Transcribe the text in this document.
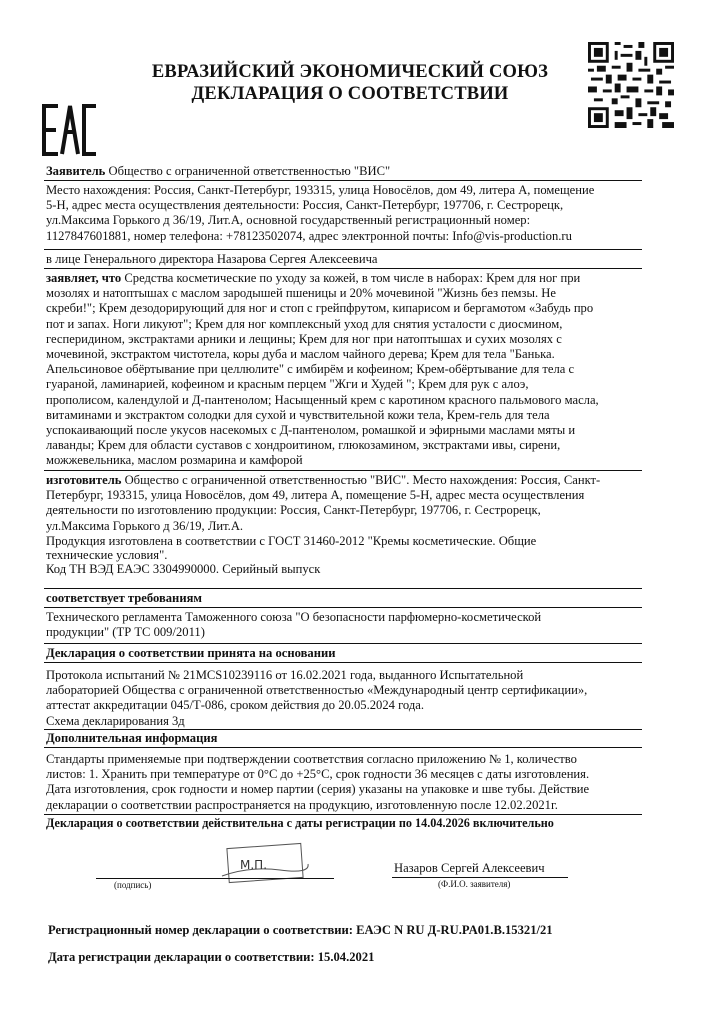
ЕВРАЗИЙСКИЙ ЭКОНОМИЧЕСКИЙ СОЮЗ
ДЕКЛАРАЦИЯ О СООТВЕТСТВИИ
Заявитель Общество с ограниченной ответственностью "ВИС"
Место нахождения: Россия, Санкт-Петербург, 193315, улица Новосёлов, дом 49, литера А, помещение
5-Н, адрес места осуществления деятельности: Россия, Санкт-Петербург, 197706, г. Сестрорецк,
ул.Максима Горького д 36/19, Лит.А, основной государственный регистрационный номер:
1127847601881, номер телефона: +78123502074, адрес электронной почты: Info@vis-production.ru
в лице Генерального директора Назарова Сергея Алексеевича
заявляет, что Средства косметические по уходу за кожей, в том числе в наборах: Крем для ног при
мозолях и натоптышах с маслом зародышей пшеницы и 20% мочевиной "Жизнь без пемзы. Не
скреби!"; Крем дезодорирующий для ног и стоп с грейпфрутом, кипарисом и бергамотом «Забудь про
пот и запах. Ноги ликуют"; Крем для ног комплексный уход для снятия усталости с диосмином,
гесперидином, экстрактами арники и лещины; Крем для ног при натоптышах и сухих мозолях с
мочевиной, экстрактом чистотела, коры дуба и маслом чайного дерева; Крем для тела "Банька.
Апельсиновое обёртывание при целлюлите" с имбирём и кофеином; Крем-обёртывание для тела с
гуараной, ламинарией, кофеином и красным перцем "Жги и Худей "; Крем для рук с алоэ,
прополисом, календулой и Д-пантенолом; Насыщенный крем с каротином красного пальмового масла,
витаминами и экстрактом солодки для сухой и чувствительной кожи тела, Крем-гель для тела
успокаивающий после укусов насекомых с Д-пантенолом, ромашкой и эфирными маслами мяты и
лаванды; Крем для области суставов с хондроитином, глюкозамином, экстрактами ивы, сирени,
можжевельника, маслом розмарина и камфорой
изготовитель Общество с ограниченной ответственностью "ВИС". Место нахождения: Россия, Санкт-
Петербург, 193315, улица Новосёлов, дом 49, литера А, помещение 5-Н, адрес места осуществления
деятельности по изготовлению продукции: Россия, Санкт-Петербург, 197706, г. Сестрорецк,
ул.Максима Горького д 36/19, Лит.А.
Продукция изготовлена в соответствии с ГОСТ 31460-2012 "Кремы косметические. Общие
технические условия".
Код ТН ВЭД ЕАЭС 3304990000. Серийный выпуск
соответствует требованиям
Технического регламента Таможенного союза "О безопасности парфюмерно-косметической
продукции" (ТР ТС 009/2011)
Декларация о соответствии принята на основании
Протокола испытаний № 21MCS10239116 от 16.02.2021 года, выданного Испытательной
лабораторией Общества с ограниченной ответственностью «Международный центр сертификации»,
аттестат аккредитации 045/Т-086, сроком действия до 20.05.2024 года.
Схема декларирования 3д
Дополнительная информация
Стандарты применяемые при подтверждении соответствия согласно приложению № 1, количество
листов: 1. Хранить при температуре от 0°С до +25°С, срок годности 36 месяцев с даты изготовления.
Дата изготовления, срок годности и номер партии (серия) указаны на упаковке и шве тубы. Действие
декларации о соответствии распространяется на продукцию, изготовленную после 12.02.2021г.
Декларация о соответствии действительна с даты регистрации по 14.04.2026 включительно
М.П.
(подпись)
Назаров Сергей Алексеевич
(Ф.И.О. заявителя)
Регистрационный номер декларации о соответствии: ЕАЭС N RU Д-RU.PA01.B.15321/21
Дата регистрации декларации о соответствии: 15.04.2021
